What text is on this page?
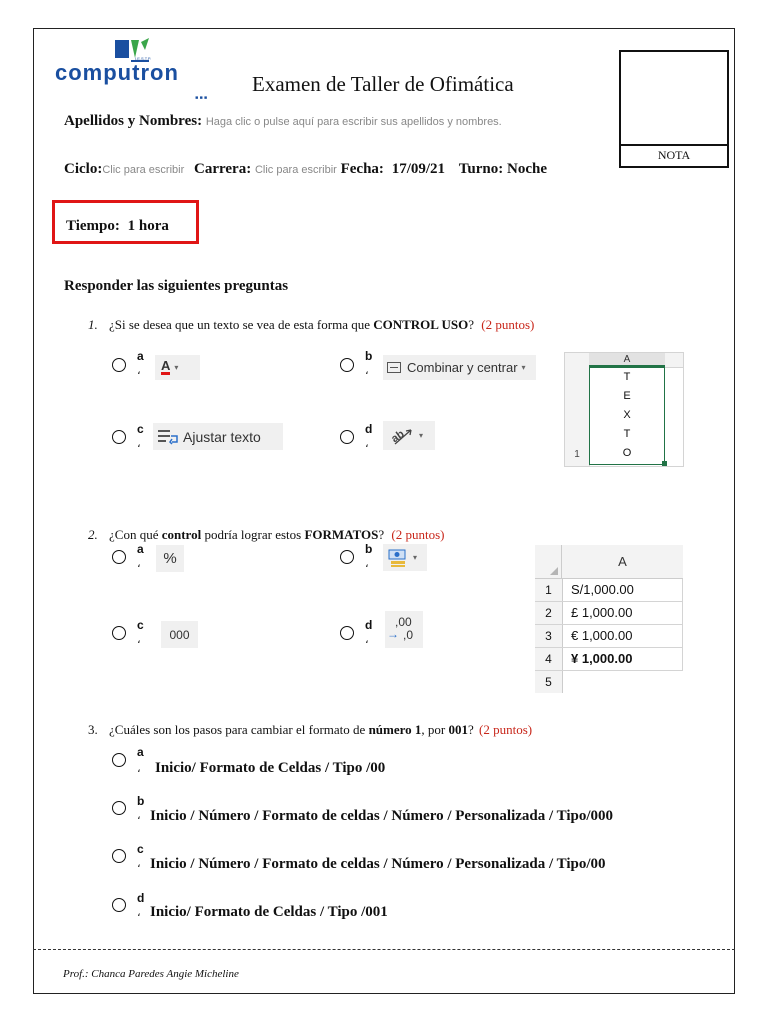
■ ■ ■
computron
I.E.S.T.P.
Examen de Taller de Ofimática
NOTA
Apellidos y Nombres: Haga clic o pulse aquí para escribir sus apellidos y nombres.
Ciclo:Clic para escribir Carrera: Clic para escribir Fecha: 17/09/21 Turno: Noche
Tiempo: 1 hora
Responder las siguientes preguntas
1. ¿Si se desea que un texto se vea de esta forma que CONTROL USO? (2 puntos)
a
، A ▾
b
،	Combinar y centrar ▾
c
،	Ajustar texto	d
، ab ▾
A
1
T
E
X
T
O
2. ¿Con qué control podría lograr estos FORMATOS? (2 puntos)
a
،	%
b
،
▾
c
،	000
d
،
,00
→ ,0
A
1	S/1,000.00
2	£ 1,000.00
3	€ 1,000.00
4	¥ 1,000.00
5
3. ¿Cuáles son los pasos para cambiar el formato de número 1, por 001? (2 puntos)
a
، Inicio/ Formato de Celdas / Tipo /00
b
، Inicio / Número / Formato de celdas / Número / Personalizada / Tipo/000
c
، Inicio / Número / Formato de celdas / Número / Personalizada / Tipo/00
d
، Inicio/ Formato de Celdas / Tipo /001
Prof.: Chanca Paredes Angie Micheline
